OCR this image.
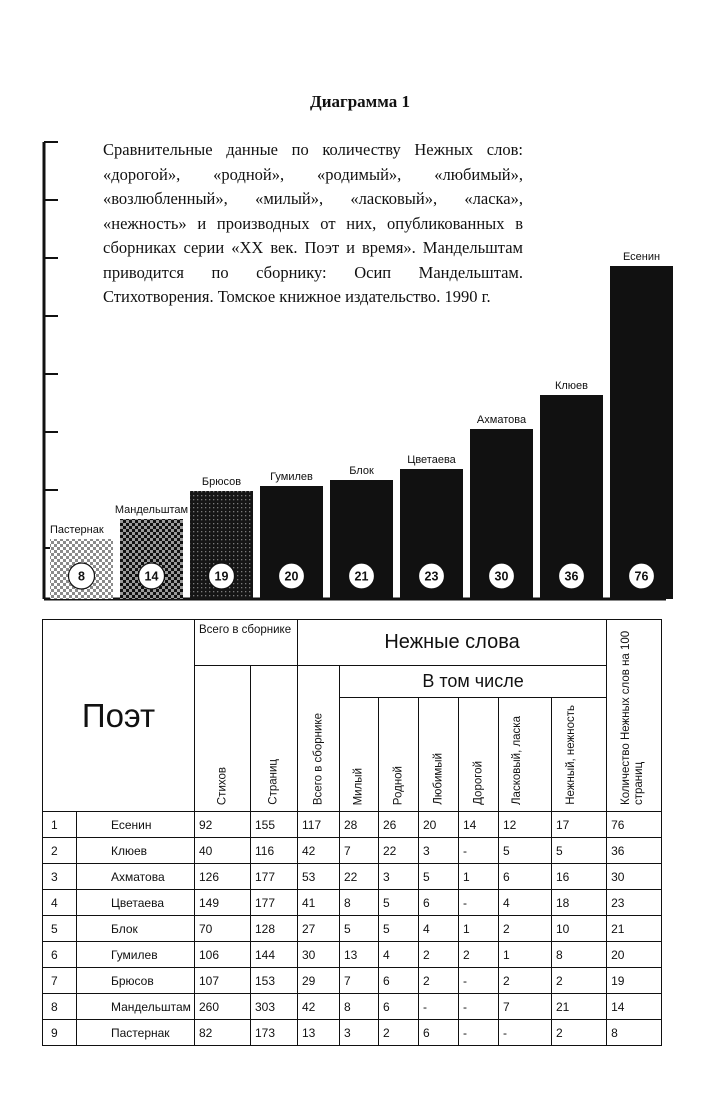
Диаграмма 1
8
Пастернак
14
Мандельштам
19
Брюсов
20
Гумилев
21
Блок
23
Цветаева
30
Ахматова
36
Клюев
76
Есенин

Сравнительные данные по количеству Нежных слов: «дорогой», «родной», «родимый», «любимый», «возлюбленный», «милый», «ласковый», «ласка», «нежность» и производных от них, опубликованных в сборниках серии «XX век. Поэт и время». Мандельштам приводится по сборнику: Осип Мандельштам. Стихотворения. Томское книжное издательство. 1990 г.

Поэт		Всего в сборнике		Нежные слова							Количество Нежных слов на 100 страниц

		Стихов	Страниц	Всего в сборнике	В том числе						

					Милый	Родной	Любимый	Дорогой	Ласковый, ласка	Нежный, нежность	

1	Есенин	92	155	117	28	26	20	14	12	17	76
2	Клюев	40	116	42	7	22	3	-	5	5	36
3	Ахматова	126	177	53	22	3	5	1	6	16	30
4	Цветаева	149	177	41	8	5	6	-	4	18	23
5	Блок	70	128	27	5	5	4	1	2	10	21
6	Гумилев	106	144	30	13	4	2	2	1	8	20
7	Брюсов	107	153	29	7	6	2	-	2	2	19
8	Мандельштам	260	303	42	8	6	-	-	7	21	14
9	Пастернак	82	173	13	3	2	6	-	-	2	8
